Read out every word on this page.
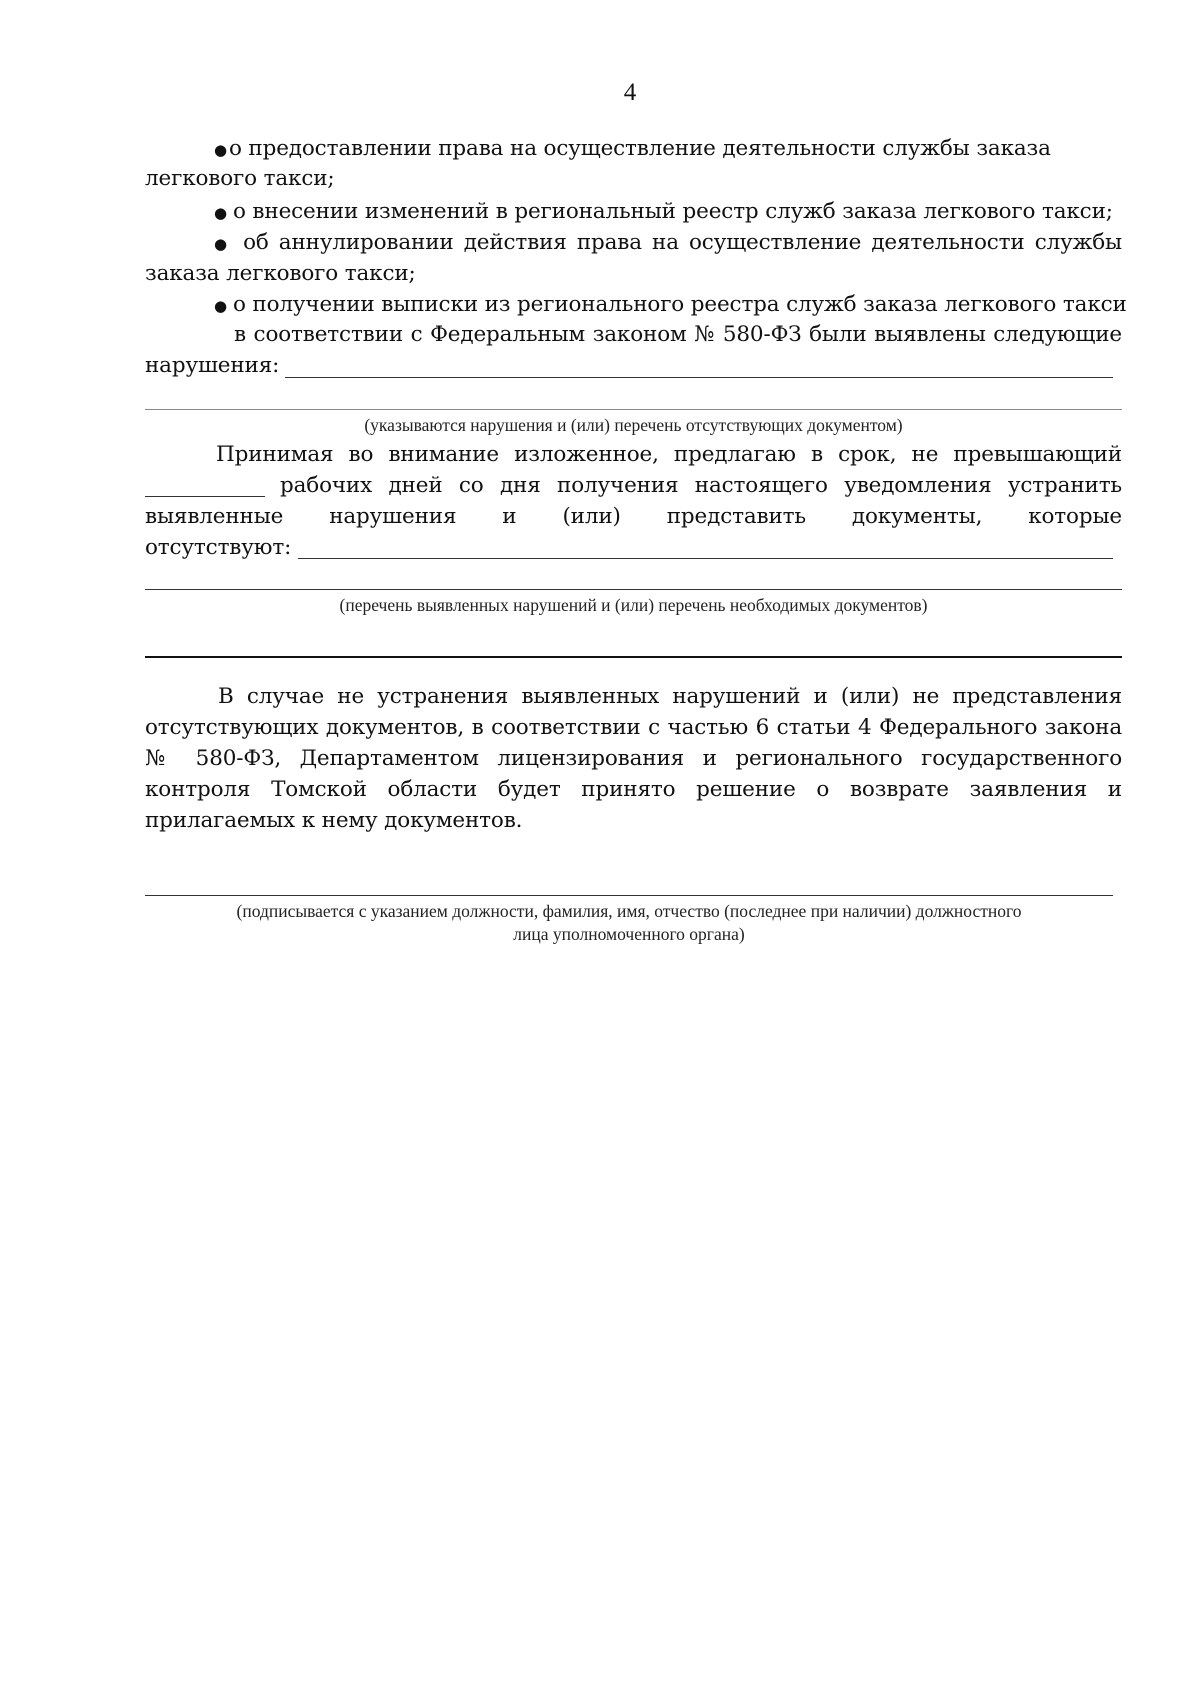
4
●о предоставлении права на осуществление деятельности службы заказа
легкового такси;
● о внесении изменений в региональный реестр служб заказа легкового такси;
● об аннулировании действия права на осуществление деятельности службы
заказа легкового такси;
● о получении выписки из регионального реестра служб заказа легкового такси
в соответствии с Федеральным законом № 580-ФЗ были выявлены следующие
нарушения:
(указываются нарушения и (или) перечень отсутствующих документом)
Принимая во внимание изложенное, предлагаю в срок, не превышающий
рабочих дней со дня получения настоящего уведомления устранить
выявленные нарушения и (или) представить документы, которые
отсутствуют:
(перечень выявленных нарушений и (или) перечень необходимых документов)
В случае не устранения выявленных нарушений и (или) не представления
отсутствующих документов, в соответствии с частью 6 статьи 4 Федерального закона
№ 580-ФЗ, Департаментом лицензирования и регионального государственного
контроля Томской области будет принято решение о возврате заявления и
прилагаемых к нему документов.
(подписывается с указанием должности, фамилия, имя, отчество (последнее при наличии) должностного
лица уполномоченного органа)
